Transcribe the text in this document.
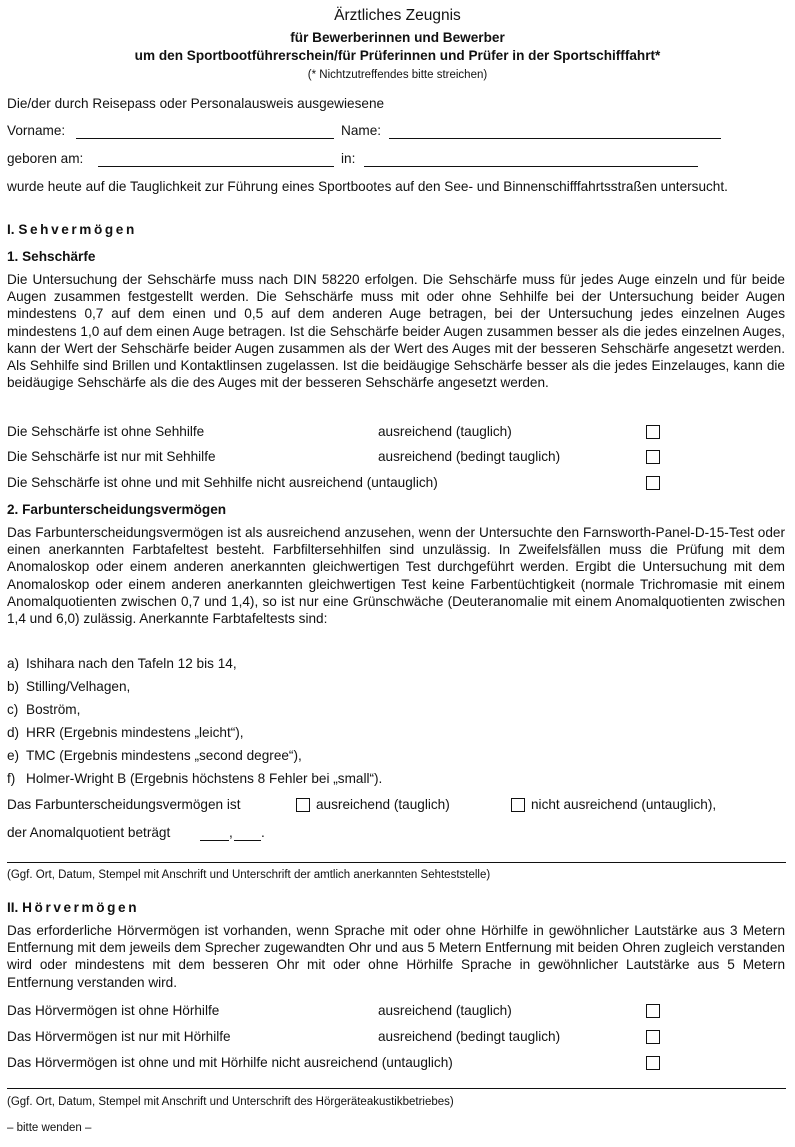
Ärztliches Zeugnis
für Bewerberinnen und Bewerber
um den Sportbootführerschein/für Prüferinnen und Prüfer in der Sportschifffahrt*
(* Nichtzutreffendes bitte streichen)
Die/der durch Reisepass oder Personalausweis ausgewiesene
Vorname:	Name:
geboren am:	in:
wurde heute auf die Tauglichkeit zur Führung eines Sportbootes auf den See- und Binnenschifffahrtsstraßen untersucht.
I. Sehvermögen
1. Sehschärfe
Die Untersuchung der Sehschärfe muss nach DIN 58220 erfolgen. Die Sehschärfe muss für jedes Auge einzeln und für beide Augen zusammen festgestellt werden. Die Sehschärfe muss mit oder ohne Sehhilfe bei der Untersuchung beider Augen mindestens 0,7 auf dem einen und 0,5 auf dem anderen Auge betragen, bei der Untersuchung jedes einzelnen Auges mindestens 1,0 auf dem einen Auge betragen. Ist die Sehschärfe beider Augen zusammen besser als die jedes einzelnen Auges, kann der Wert der Sehschärfe beider Augen zusammen als der Wert des Auges mit der besseren Sehschärfe angesetzt werden. Als Sehhilfe sind Brillen und Kontaktlinsen zugelassen. Ist die beidäugige Sehschärfe besser als die jedes Einzelauges, kann die beidäugige Sehschärfe als die des Auges mit der besseren Sehschärfe angesetzt werden.
Die Sehschärfe ist ohne Sehhilfe	ausreichend (tauglich)
Die Sehschärfe ist nur mit Sehhilfe	ausreichend (bedingt tauglich)
Die Sehschärfe ist ohne und mit Sehhilfe nicht ausreichend (untauglich)
2. Farbunterscheidungsvermögen
Das Farbunterscheidungsvermögen ist als ausreichend anzusehen, wenn der Untersuchte den Farnsworth-Panel-D-15-Test oder einen anerkannten Farbtafeltest besteht. Farbfiltersehhilfen sind unzulässig. In Zweifelsfällen muss die Prüfung mit dem Anomaloskop oder einem anderen anerkannten gleichwertigen Test durchgeführt werden. Ergibt die Untersuchung mit dem Anomaloskop oder einem anderen anerkannten gleichwertigen Test keine Farbentüchtigkeit (normale Trichromasie mit einem Anomalquotienten zwischen 0,7 und 1,4), so ist nur eine Grünschwäche (Deuteranomalie mit einem Anomalquotienten zwischen 1,4 und 6,0) zulässig. Anerkannte Farbtafeltests sind:
a) Ishihara nach den Tafeln 12 bis 14,
b) Stilling/Velhagen,
c) Boström,
d) HRR (Ergebnis mindestens „leicht“),
e) TMC (Ergebnis mindestens „second degree“),
f) Holmer-Wright B (Ergebnis höchstens 8 Fehler bei „small“).
Das Farbunterscheidungsvermögen ist	ausreichend (tauglich)	nicht ausreichend (untauglich),
der Anomalquotient beträgt	, .
(Ggf. Ort, Datum, Stempel mit Anschrift und Unterschrift der amtlich anerkannten Sehteststelle)
II. Hörvermögen
Das erforderliche Hörvermögen ist vorhanden, wenn Sprache mit oder ohne Hörhilfe in gewöhnlicher Lautstärke aus 3 Metern Entfernung mit dem jeweils dem Sprecher zugewandten Ohr und aus 5 Metern Entfernung mit beiden Ohren zugleich verstanden wird oder mindestens mit dem besseren Ohr mit oder ohne Hörhilfe Sprache in gewöhnlicher Lautstärke aus 5 Metern Entfernung verstanden wird.
Das Hörvermögen ist ohne Hörhilfe	ausreichend (tauglich)
Das Hörvermögen ist nur mit Hörhilfe	ausreichend (bedingt tauglich)
Das Hörvermögen ist ohne und mit Hörhilfe nicht ausreichend (untauglich)
(Ggf. Ort, Datum, Stempel mit Anschrift und Unterschrift des Hörgeräteakustikbetriebes)
– bitte wenden –
